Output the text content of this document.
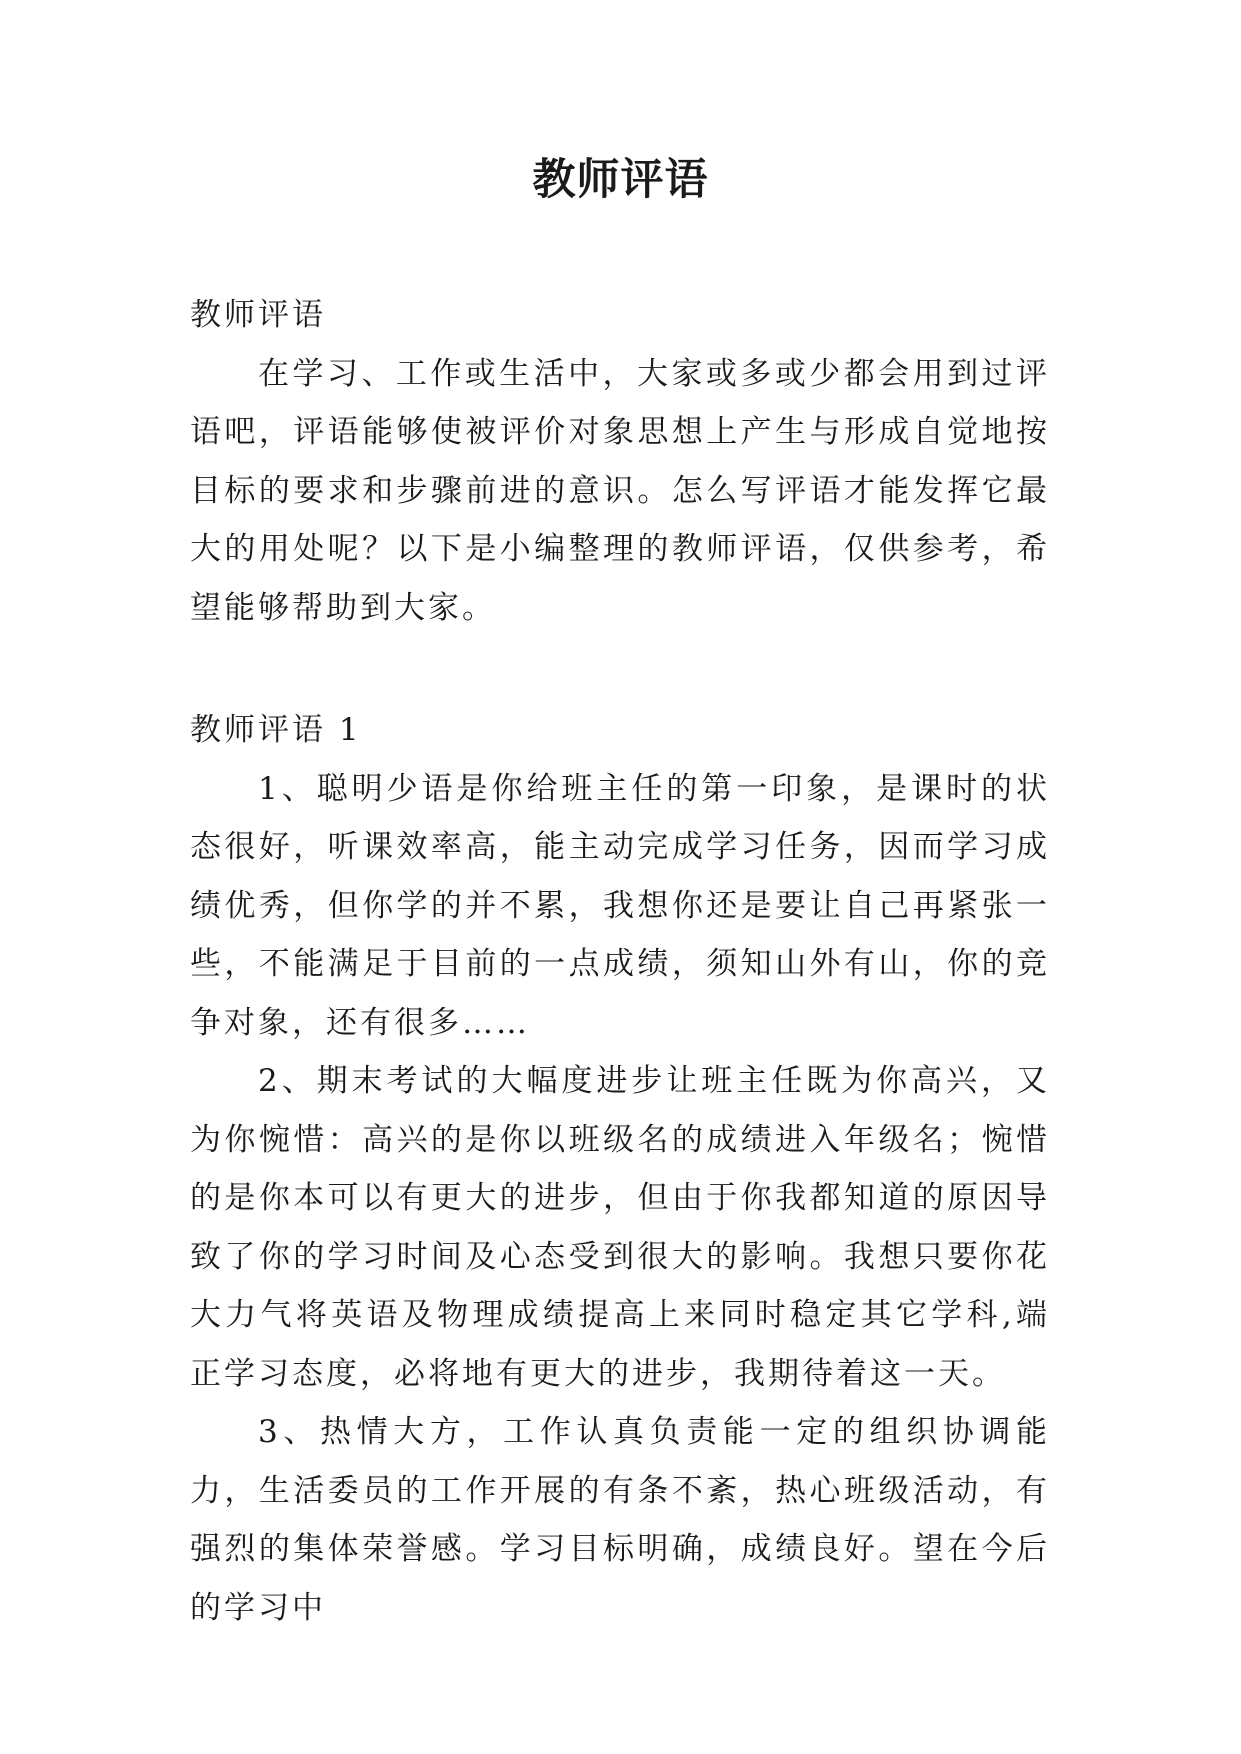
教师评语

教师评语

在学习、工作或生活中，大家或多或少都会用到过评语吧，评语能够使被评价对象思想上产生与形成自觉地按目标的要求和步骤前进的意识。怎么写评语才能发挥它最大的用处呢？以下是小编整理的教师评语，仅供参考，希望能够帮助到大家。

教师评语 1

1、聪明少语是你给班主任的第一印象，是课时的状态很好，听课效率高，能主动完成学习任务，因而学习成绩优秀，但你学的并不累，我想你还是要让自己再紧张一些，不能满足于目前的一点成绩，须知山外有山，你的竞争对象，还有很多……

2、期末考试的大幅度进步让班主任既为你高兴，又为你惋惜：高兴的是你以班级名的成绩进入年级名；惋惜的是你本可以有更大的进步，但由于你我都知道的原因导致了你的学习时间及心态受到很大的影响。我想只要你花大力气将英语及物理成绩提高上来同时稳定其它学科,端正学习态度，必将地有更大的进步，我期待着这一天。

3、热情大方，工作认真负责能一定的组织协调能力，生活委员的工作开展的有条不紊，热心班级活动，有强烈的集体荣誉感。学习目标明确，成绩良好。望在今后的学习中
